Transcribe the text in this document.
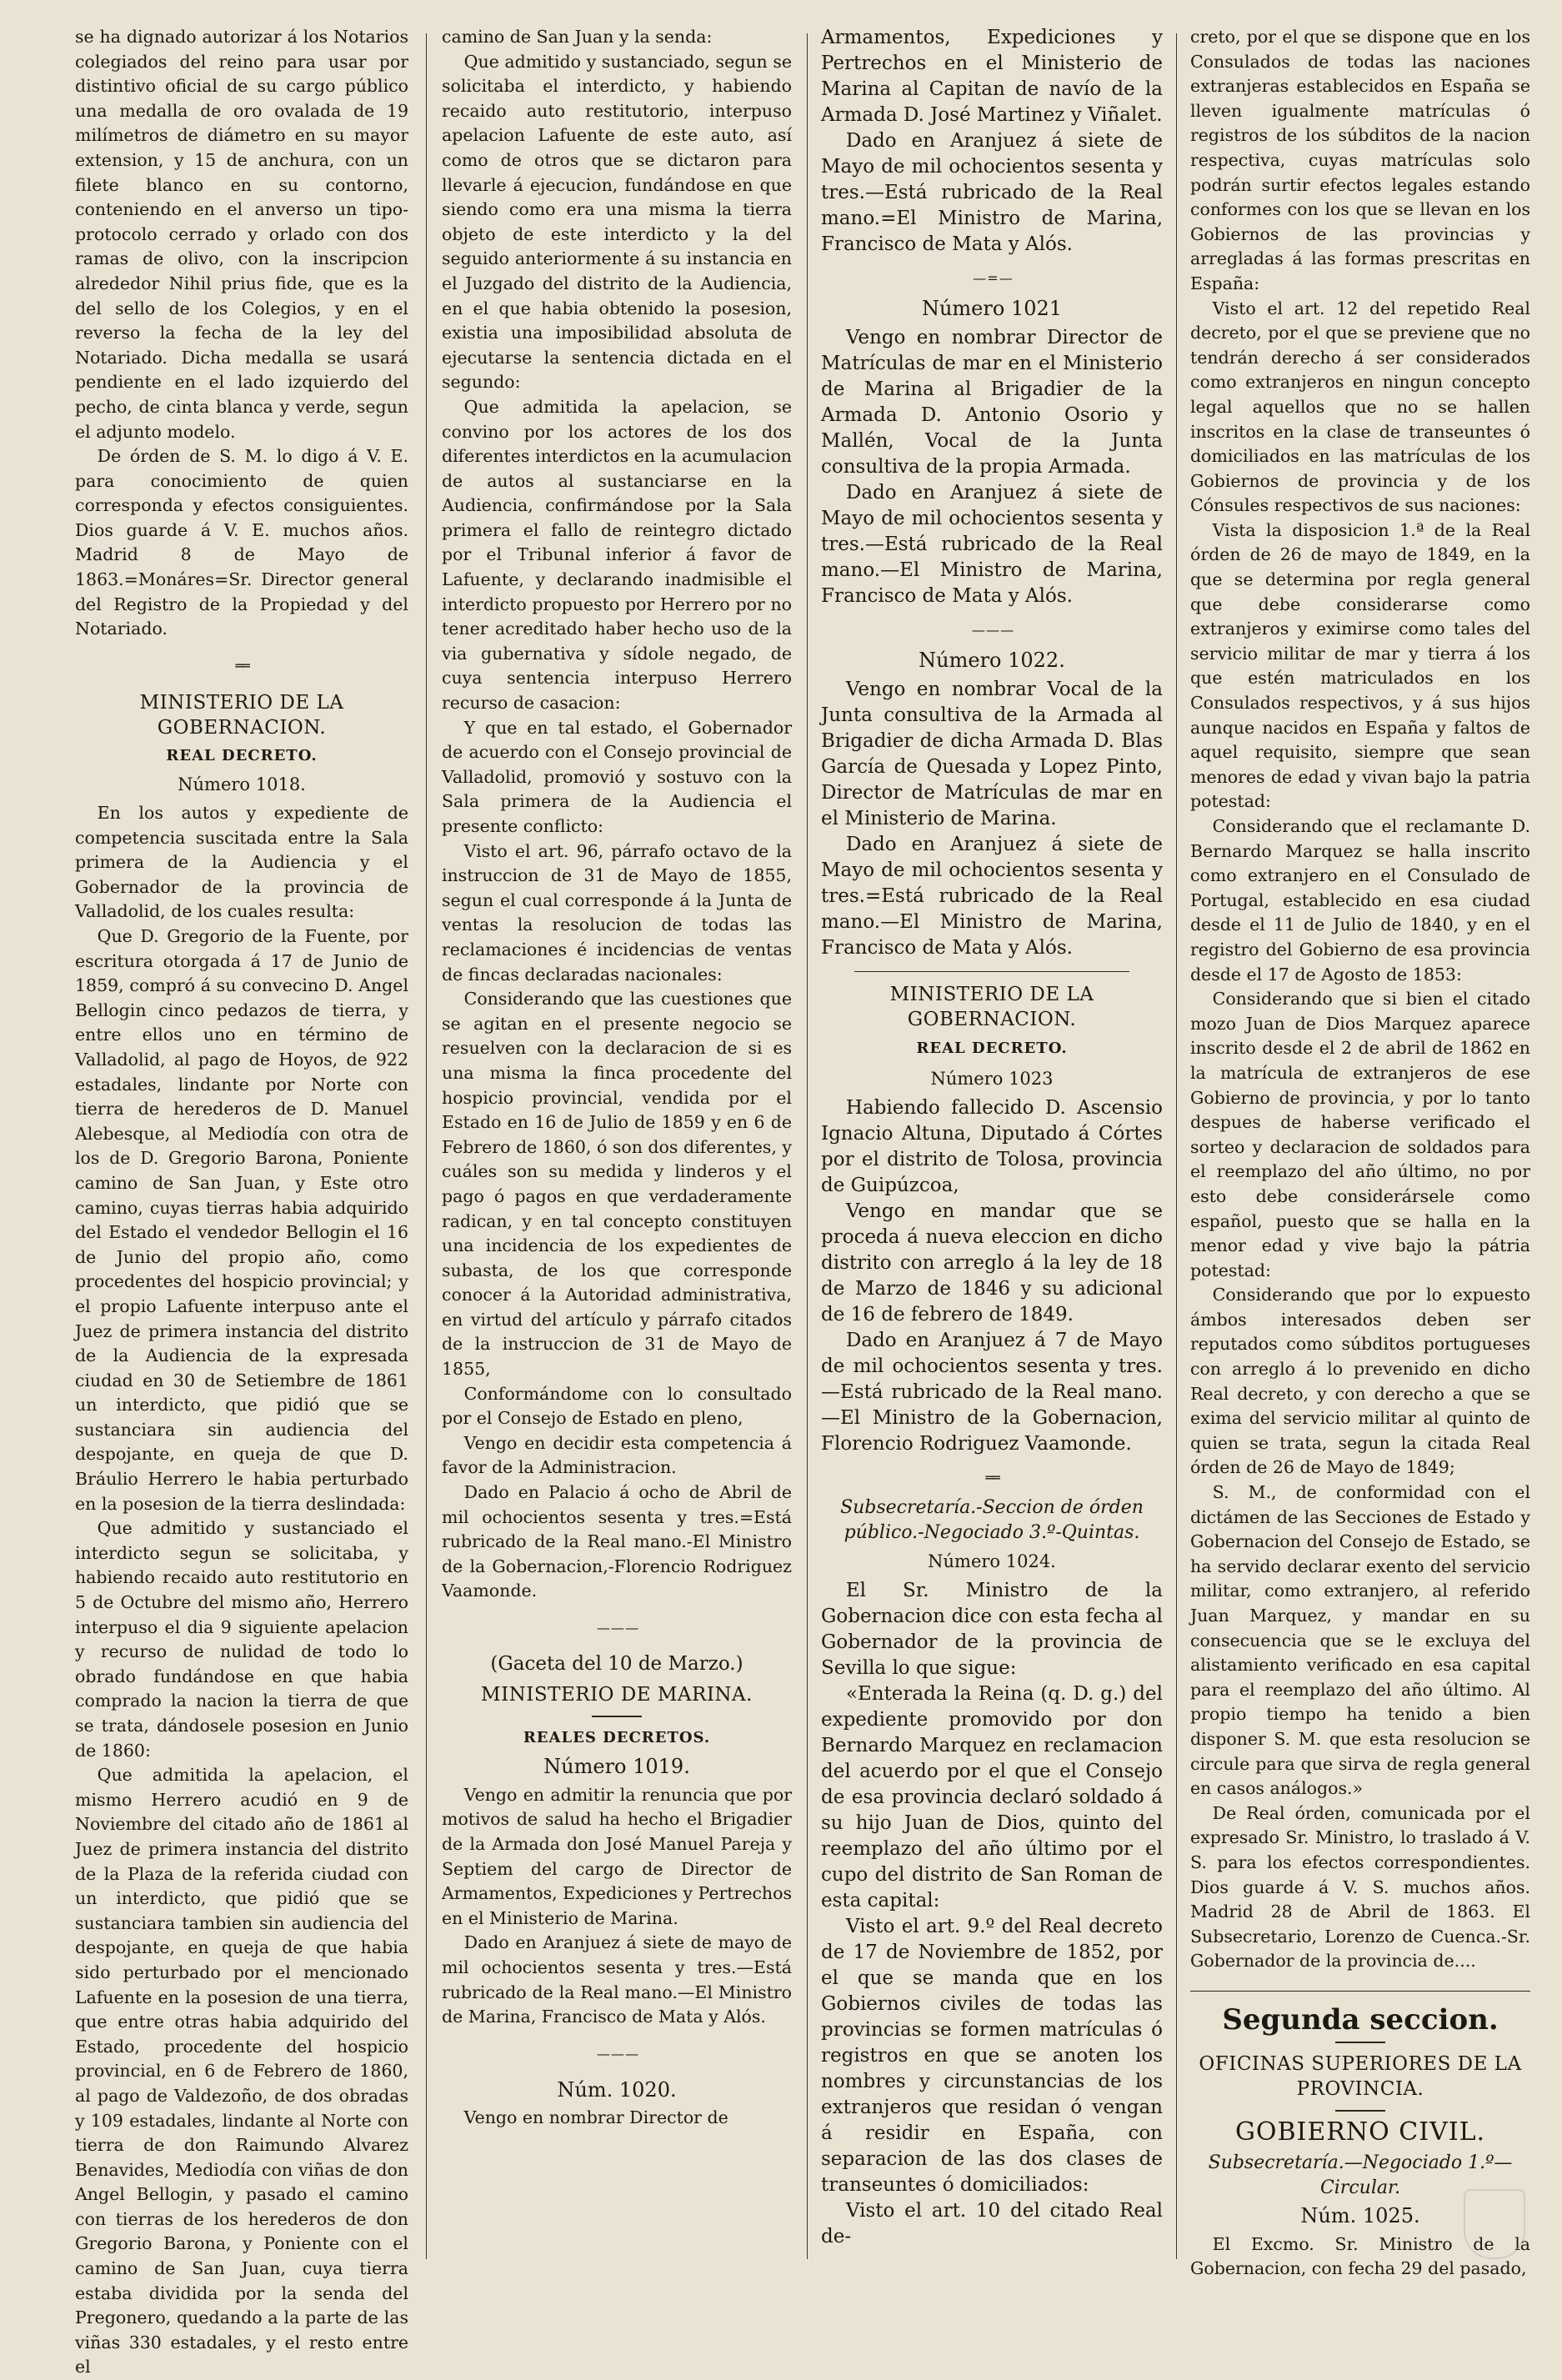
se ha dignado autorizar á los Notarios colegiados del reino para usar por distintivo oficial de su cargo público una medalla de oro ovalada de 19 milímetros de diámetro en su mayor extension, y 15 de anchura, con un filete blanco en su contorno, conteniendo en el anverso un tipo-protocolo cerrado y orlado con dos ramas de olivo, con la inscripcion alrededor Nihil prius fide, que es la del sello de los Colegios, y en el reverso la fecha de la ley del Notariado. Dicha medalla se usará pendiente en el lado izquierdo del pecho, de cinta blanca y verde, segun el adjunto modelo.

De órden de S. M. lo digo á V. E. para conocimiento de quien corresponda y efectos consiguientes. Dios guarde á V. E. muchos años. Madrid 8 de Mayo de 1863.=Monáres=Sr. Director general del Registro de la Propiedad y del Notariado.

══
MINISTERIO DE LA GOBERNACION.
REAL DECRETO.
Número 1018.

En los autos y expediente de competencia suscitada entre la Sala primera de la Audiencia y el Gobernador de la provincia de Valladolid, de los cuales resulta:

Que D. Gregorio de la Fuente, por escritura otorgada á 17 de Junio de 1859, compró á su convecino D. Angel Bellogin cinco pedazos de tierra, y entre ellos uno en término de Valladolid, al pago de Hoyos, de 922 estadales, lindante por Norte con tierra de herederos de D. Manuel Alebesque, al Mediodía con otra de los de D. Gregorio Barona, Poniente camino de San Juan, y Este otro camino, cuyas tierras habia adquirido del Estado el vendedor Bellogin el 16 de Junio del propio año, como procedentes del hospicio provincial; y el propio Lafuente interpuso ante el Juez de primera instancia del distrito de la Audiencia de la expresada ciudad en 30 de Setiembre de 1861 un interdicto, que pidió que se sustanciara sin audiencia del despojante, en queja de que D. Bráulio Herrero le habia perturbado en la posesion de la tierra deslindada:

Que admitido y sustanciado el interdicto segun se solicitaba, y habiendo recaido auto restitutorio en 5 de Octubre del mismo año, Herrero interpuso el dia 9 siguiente apelacion y recurso de nulidad de todo lo obrado fundándose en que habia comprado la nacion la tierra de que se trata, dándosele posesion en Junio de 1860:

Que admitida la apelacion, el mismo Herrero acudió en 9 de Noviembre del citado año de 1861 al Juez de primera instancia del distrito de la Plaza de la referida ciudad con un interdicto, que pidió que se sustanciara tambien sin audiencia del despojante, en queja de que habia sido perturbado por el mencionado Lafuente en la posesion de una tierra, que entre otras habia adquirido del Estado, procedente del hospicio provincial, en 6 de Febrero de 1860, al pago de Valdezoño, de dos obradas y 109 estadales, lindante al Norte con tierra de don Raimundo Alvarez Benavides, Mediodía con viñas de don Angel Bellogin, y pasado el camino con tierras de los herederos de don Gregorio Barona, y Poniente con el camino de San Juan, cuya tierra estaba dividida por la senda del Pregonero, quedando a la parte de las viñas 330 estadales, y el resto entre el

camino de San Juan y la senda:

Que admitido y sustanciado, segun se solicitaba el interdicto, y habiendo recaido auto restitutorio, interpuso apelacion Lafuente de este auto, así como de otros que se dictaron para llevarle á ejecucion, fundándose en que siendo como era una misma la tierra objeto de este interdicto y la del seguido anteriormente á su instancia en el Juzgado del distrito de la Audiencia, en el que habia obtenido la posesion, existia una imposibilidad absoluta de ejecutarse la sentencia dictada en el segundo:

Que admitida la apelacion, se convino por los actores de los dos diferentes interdictos en la acumulacion de autos al sustanciarse en la Audiencia, confirmándose por la Sala primera el fallo de reintegro dictado por el Tribunal inferior á favor de Lafuente, y declarando inadmisible el interdicto propuesto por Herrero por no tener acreditado haber hecho uso de la via gubernativa y sídole negado, de cuya sentencia interpuso Herrero recurso de casacion:

Y que en tal estado, el Gobernador de acuerdo con el Consejo provincial de Valladolid, promovió y sostuvo con la Sala primera de la Audiencia el presente conflicto:

Visto el art. 96, párrafo octavo de la instruccion de 31 de Mayo de 1855, segun el cual corresponde á la Junta de ventas la resolucion de todas las reclamaciones é incidencias de ventas de fincas declaradas nacionales:

Considerando que las cuestiones que se agitan en el presente negocio se resuelven con la declaracion de si es una misma la finca procedente del hospicio provincial, vendida por el Estado en 16 de Julio de 1859 y en 6 de Febrero de 1860, ó son dos diferentes, y cuáles son su medida y linderos y el pago ó pagos en que verdaderamente radican, y en tal concepto constituyen una incidencia de los expedientes de subasta, de los que corresponde conocer á la Autoridad administrativa, en virtud del artículo y párrafo citados de la instruccion de 31 de Mayo de 1855,

Conformándome con lo consultado por el Consejo de Estado en pleno,

Vengo en decidir esta competencia á favor de la Administracion.

Dado en Palacio á ocho de Abril de mil ochocientos sesenta y tres.=Está rubricado de la Real mano.-El Ministro de la Gobernacion,-Florencio Rodriguez Vaamonde.

— — —
(Gaceta del 10 de Marzo.)
MINISTERIO DE MARINA.
REALES DECRETOS.
Número 1019.

Vengo en admitir la renuncia que por motivos de salud ha hecho el Brigadier de la Armada don José Manuel Pareja y Septiem del cargo de Director de Armamentos, Expediciones y Pertrechos en el Ministerio de Marina.

Dado en Aranjuez á siete de mayo de mil ochocientos sesenta y tres.—Está rubricado de la Real mano.—El Ministro de Marina, Francisco de Mata y Alós.

— — —
Núm. 1020.

Vengo en nombrar Director de

Armamentos, Expediciones y Pertrechos en el Ministerio de Marina al Capitan de navío de la Armada D. José Martinez y Viñalet.

Dado en Aranjuez á siete de Mayo de mil ochocientos sesenta y tres.—Está rubricado de la Real mano.=El Ministro de Marina, Francisco de Mata y Alós.

— = —
Número 1021

Vengo en nombrar Director de Matrículas de mar en el Ministerio de Marina al Brigadier de la Armada D. Antonio Osorio y Mallén, Vocal de la Junta consultiva de la propia Armada.

Dado en Aranjuez á siete de Mayo de mil ochocientos sesenta y tres.—Está rubricado de la Real mano.—El Ministro de Marina, Francisco de Mata y Alós.

— — —
Número 1022.

Vengo en nombrar Vocal de la Junta consultiva de la Armada al Brigadier de dicha Armada D. Blas García de Quesada y Lopez Pinto, Director de Matrículas de mar en el Ministerio de Marina.

Dado en Aranjuez á siete de Mayo de mil ochocientos sesenta y tres.=Está rubricado de la Real mano.—El Ministro de Marina, Francisco de Mata y Alós.

MINISTERIO DE LA GOBERNACION.
REAL DECRETO.
Número 1023

Habiendo fallecido D. Ascensio Ignacio Altuna, Diputado á Córtes por el distrito de Tolosa, provincia de Guipúzcoa,

Vengo en mandar que se proceda á nueva eleccion en dicho distrito con arreglo á la ley de 18 de Marzo de 1846 y su adicional de 16 de febrero de 1849.

Dado en Aranjuez á 7 de Mayo de mil ochocientos sesenta y tres.—Está rubricado de la Real mano.—El Ministro de la Gobernacion, Florencio Rodriguez Vaamonde.

══
Subsecretaría.-Seccion de órden público.-Negociado 3.º-Quintas.
Número 1024.

El Sr. Ministro de la Gobernacion dice con esta fecha al Gobernador de la provincia de Sevilla lo que sigue:

«Enterada la Reina (q. D. g.) del expediente promovido por don Bernardo Marquez en reclamacion del acuerdo por el que el Consejo de esa provincia declaró soldado á su hijo Juan de Dios, quinto del reemplazo del año último por el cupo del distrito de San Roman de esta capital:

Visto el art. 9.º del Real decreto de 17 de Noviembre de 1852, por el que se manda que en los Gobiernos civiles de todas las provincias se formen matrículas ó registros en que se anoten los nombres y circunstancias de los extranjeros que residan ó vengan á residir en España, con separacion de las dos clases de transeuntes ó domiciliados:

Visto el art. 10 del citado Real de-

creto, por el que se dispone que en los Consulados de todas las naciones extranjeras establecidos en España se lleven igualmente matrículas ó registros de los súbditos de la nacion respectiva, cuyas matrículas solo podrán surtir efectos legales estando conformes con los que se llevan en los Gobiernos de las provincias y arregladas á las formas prescritas en España:

Visto el art. 12 del repetido Real decreto, por el que se previene que no tendrán derecho á ser considerados como extranjeros en ningun concepto legal aquellos que no se hallen inscritos en la clase de transeuntes ó domiciliados en las matrículas de los Gobiernos de provincia y de los Cónsules respectivos de sus naciones:

Vista la disposicion 1.ª de la Real órden de 26 de mayo de 1849, en la que se determina por regla general que debe considerarse como extranjeros y eximirse como tales del servicio militar de mar y tierra á los que estén matriculados en los Consulados respectivos, y á sus hijos aunque nacidos en España y faltos de aquel requisito, siempre que sean menores de edad y vivan bajo la patria potestad:

Considerando que el reclamante D. Bernardo Marquez se halla inscrito como extranjero en el Consulado de Portugal, establecido en esa ciudad desde el 11 de Julio de 1840, y en el registro del Gobierno de esa provincia desde el 17 de Agosto de 1853:

Considerando que si bien el citado mozo Juan de Dios Marquez aparece inscrito desde el 2 de abril de 1862 en la matrícula de extranjeros de ese Gobierno de provincia, y por lo tanto despues de haberse verificado el sorteo y declaracion de soldados para el reemplazo del año último, no por esto debe considerársele como español, puesto que se halla en la menor edad y vive bajo la pátria potestad:

Considerando que por lo expuesto ámbos interesados deben ser reputados como súbditos portugueses con arreglo á lo prevenido en dicho Real decreto, y con derecho a que se exima del servicio militar al quinto de quien se trata, segun la citada Real órden de 26 de Mayo de 1849;

S. M., de conformidad con el dictámen de las Secciones de Estado y Gobernacion del Consejo de Estado, se ha servido declarar exento del servicio militar, como extranjero, al referido Juan Marquez, y mandar en su consecuencia que se le excluya del alistamiento verificado en esa capital para el reemplazo del año último. Al propio tiempo ha tenido a bien disponer S. M. que esta resolucion se circule para que sirva de regla general en casos análogos.»

De Real órden, comunicada por el expresado Sr. Ministro, lo traslado á V. S. para los efectos correspondientes. Dios guarde á V. S. muchos años. Madrid 28 de Abril de 1863. El Subsecretario, Lorenzo de Cuenca.-Sr. Gobernador de la provincia de....

Segunda seccion.
OFICINAS SUPERIORES DE LA PROVINCIA.
GOBIERNO CIVIL.
Subsecretaría.—Negociado 1.º—Circular.
Núm. 1025.

El Excmo. Sr. Ministro de la Gobernacion, con fecha 29 del pasado,
